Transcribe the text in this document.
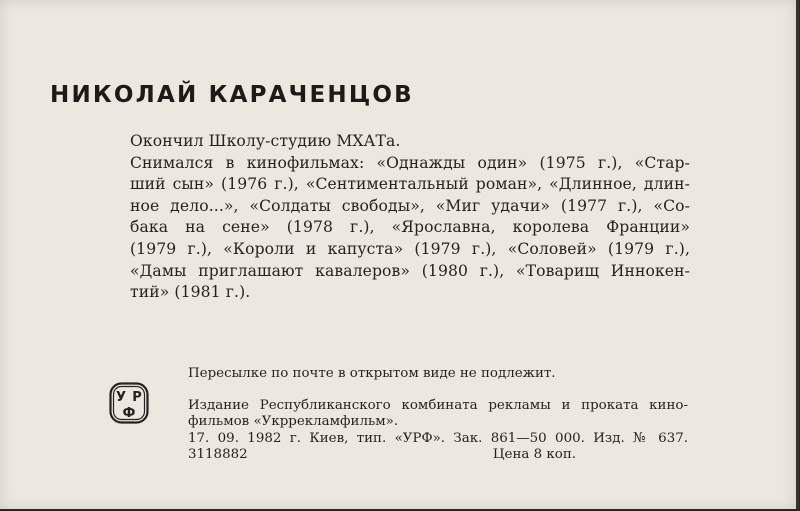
НИКОЛАЙ КАРАЧЕНЦОВ
Окончил Школу-студию МХАТа.
Снимался в кинофильмах: «Однажды один» (1975 г.), «Стар-
ший сын» (1976 г.), «Сентиментальный роман», «Длинное, длин-
ное дело...», «Солдаты свободы», «Миг удачи» (1977 г.), «Со-
бака на сене» (1978 г.), «Ярославна, королева Франции»
(1979 г.), «Короли и капуста» (1979 г.), «Соловей» (1979 г.),
«Дамы приглашают кавалеров» (1980 г.), «Товарищ Иннокен-
тий» (1981 г.).
У Р
Ф
Пересылке по почте в открытом виде не подлежит.
Издание Республиканского комбината рекламы и проката кино-
фильмов «Укррекламфильм».
17. 09. 1982 г. Киев, тип. «УРФ». Зак. 861—50 000. Изд. № 637.
3118882	Цена 8 коп.
